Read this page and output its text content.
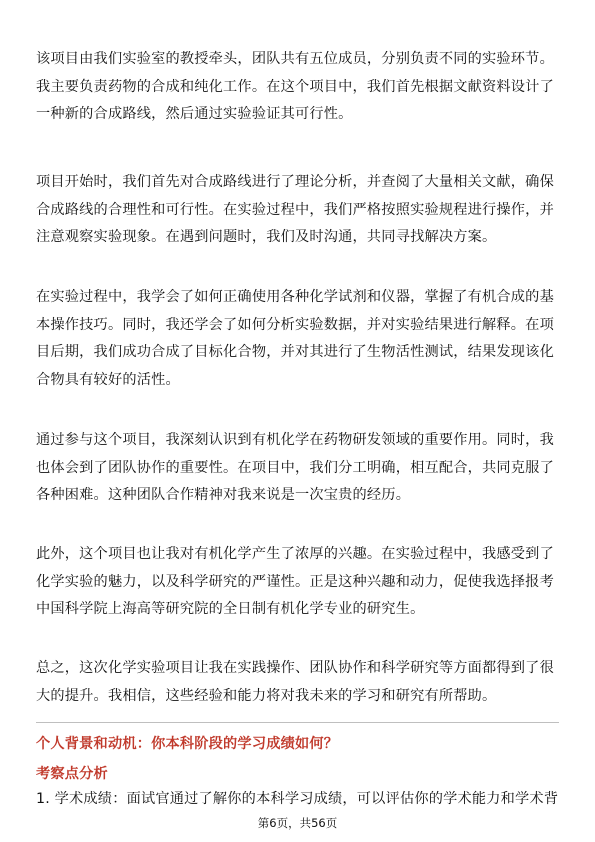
该项目由我们实验室的教授牵头，团队共有五位成员，分别负责不同的实验环节。我主要负责药物的合成和纯化工作。在这个项目中，我们首先根据文献资料设计了一种新的合成路线，然后通过实验验证其可行性。

项目开始时，我们首先对合成路线进行了理论分析，并查阅了大量相关文献，确保合成路线的合理性和可行性。在实验过程中，我们严格按照实验规程进行操作，并注意观察实验现象。在遇到问题时，我们及时沟通，共同寻找解决方案。

在实验过程中，我学会了如何正确使用各种化学试剂和仪器，掌握了有机合成的基本操作技巧。同时，我还学会了如何分析实验数据，并对实验结果进行解释。在项目后期，我们成功合成了目标化合物，并对其进行了生物活性测试，结果发现该化合物具有较好的活性。

通过参与这个项目，我深刻认识到有机化学在药物研发领域的重要作用。同时，我也体会到了团队协作的重要性。在项目中，我们分工明确，相互配合，共同克服了各种困难。这种团队合作精神对我来说是一次宝贵的经历。

此外，这个项目也让我对有机化学产生了浓厚的兴趣。在实验过程中，我感受到了化学实验的魅力，以及科学研究的严谨性。正是这种兴趣和动力，促使我选择报考中国科学院上海高等研究院的全日制有机化学专业的研究生。

总之，这次化学实验项目让我在实践操作、团队协作和科学研究等方面都得到了很大的提升。我相信，这些经验和能力将对我未来的学习和研究有所帮助。

个人背景和动机：你本科阶段的学习成绩如何？
考察点分析

1. 学术成绩：面试官通过了解你的本科学习成绩，可以评估你的学术能力和学术背

第6页，共56页
